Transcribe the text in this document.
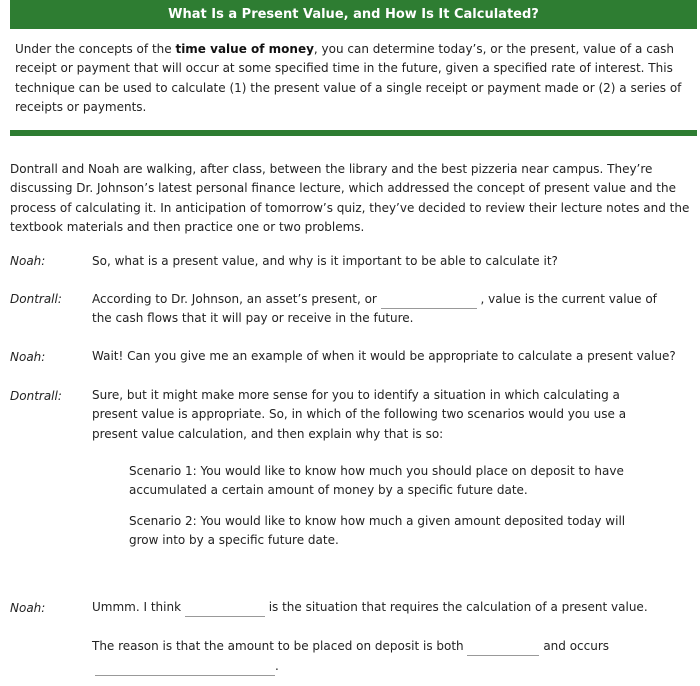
What Is a Present Value, and How Is It Calculated?

Under the concepts of the time value of money, you can determine today’s, or the present, value of a cash receipt or payment that will occur at some specified time in the future, given a specified rate of interest. This technique can be used to calculate (1) the present value of a single receipt or payment made or (2) a series of receipts or payments.

Dontrall and Noah are walking, after class, between the library and the best pizzeria near campus. They’re discussing Dr. Johnson’s latest personal finance lecture, which addressed the concept of present value and the process of calculating it. In anticipation of tomorrow’s quiz, they’ve decided to review their lecture notes and the textbook materials and then practice one or two problems.

Noah:	So, what is a present value, and why is it important to be able to calculate it?

Dontrall:	According to Dr. Johnson, an asset’s present, or	, value is the current value of
the cash flows that it will pay or receive in the future.

Noah:	Wait! Can you give me an example of when it would be appropriate to calculate a present value?

Dontrall:	Sure, but it might make more sense for you to identify a situation in which calculating a present value is appropriate. So, in which of the following two scenarios would you use a present value calculation, and then explain why that is so:

Scenario 1: You would like to know how much you should place on deposit to have accumulated a certain amount of money by a specific future date.

Scenario 2: You would like to know how much a given amount deposited today will grow into by a specific future date.

Noah:	Ummm. I think	is the situation that requires the calculation of a present value.

The reason is that the amount to be placed on deposit is both	and occurs

.
